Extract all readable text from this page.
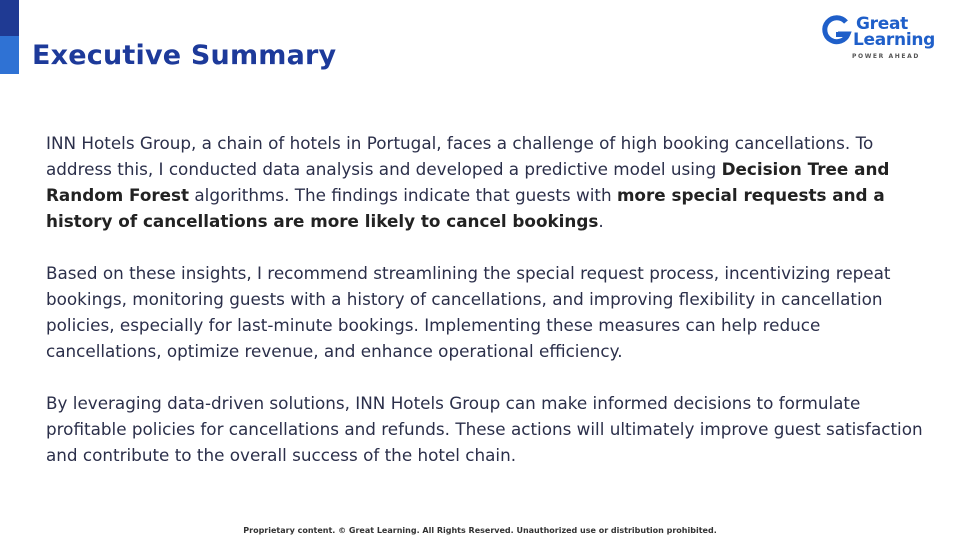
Executive Summary
Great
Learning
POWER AHEAD

INN Hotels Group, a chain of hotels in Portugal, faces a challenge of high booking cancellations. To address this, I conducted data analysis and developed a predictive model using Decision Tree and Random Forest algorithms. The findings indicate that guests with more special requests and a history of cancellations are more likely to cancel bookings.

Based on these insights, I recommend streamlining the special request process, incentivizing repeat bookings, monitoring guests with a history of cancellations, and improving flexibility in cancellation policies, especially for last-minute bookings. Implementing these measures can help reduce cancellations, optimize revenue, and enhance operational efficiency.

By leveraging data-driven solutions, INN Hotels Group can make informed decisions to formulate profitable policies for cancellations and refunds. These actions will ultimately improve guest satisfaction and contribute to the overall success of the hotel chain.

Proprietary content. © Great Learning. All Rights Reserved. Unauthorized use or distribution prohibited.
